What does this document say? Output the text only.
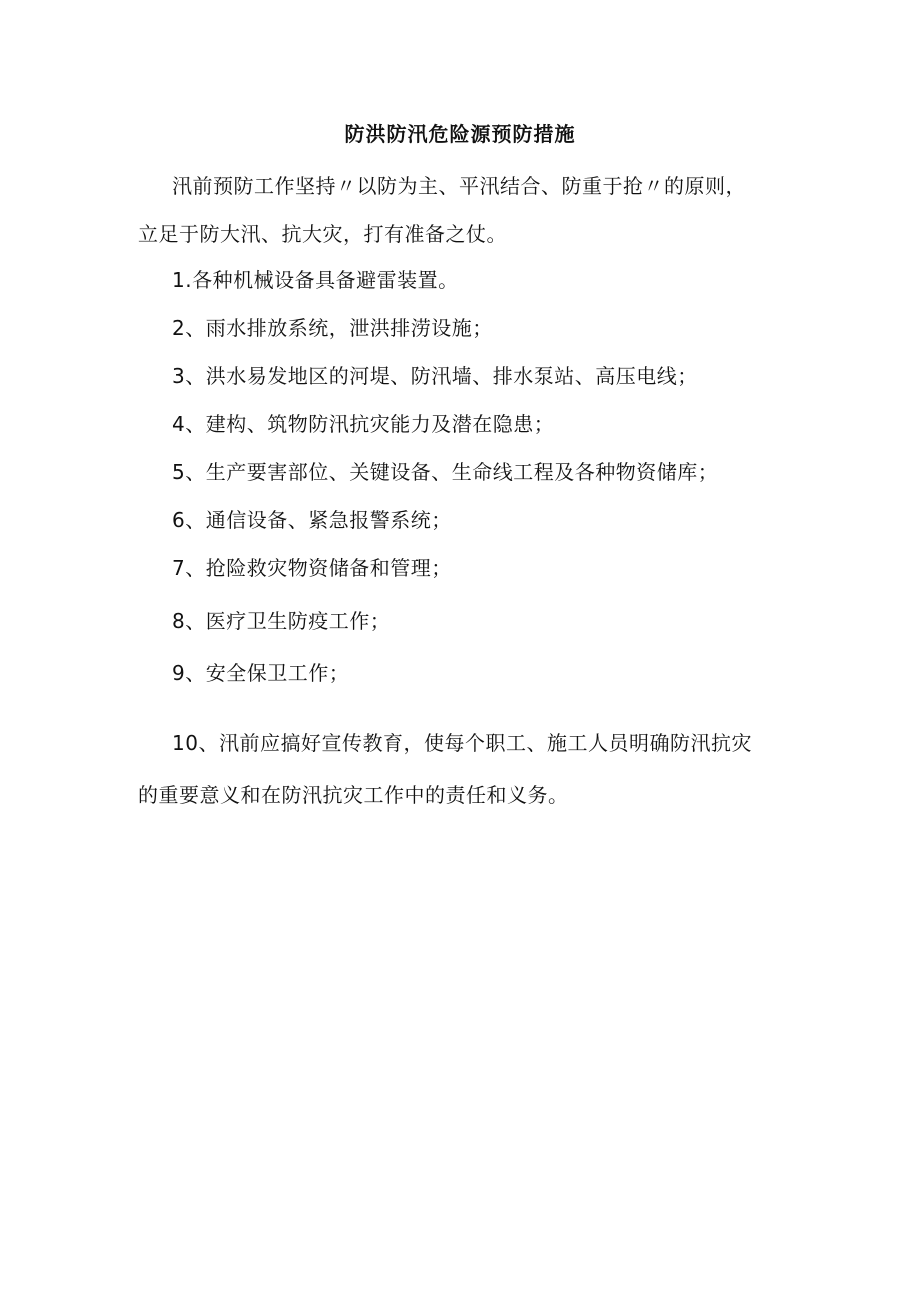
防洪防汛危险源预防措施
汛前预防工作坚持〃以防为主、平汛结合、防重于抢〃的原则，
立足于防大汛、抗大灾，打有准备之仗。
1.各种机械设备具备避雷装置。
2、雨水排放系统，泄洪排涝设施；
3、洪水易发地区的河堤、防汛墙、排水泵站、高压电线；
4、建构、筑物防汛抗灾能力及潜在隐患；
5、生产要害部位、关键设备、生命线工程及各种物资储库；
6、通信设备、紧急报警系统；
7、抢险救灾物资储备和管理；
8、医疗卫生防疫工作；
9、安全保卫工作；
10、汛前应搞好宣传教育，使每个职工、施工人员明确防汛抗灾
的重要意义和在防汛抗灾工作中的责任和义务。
